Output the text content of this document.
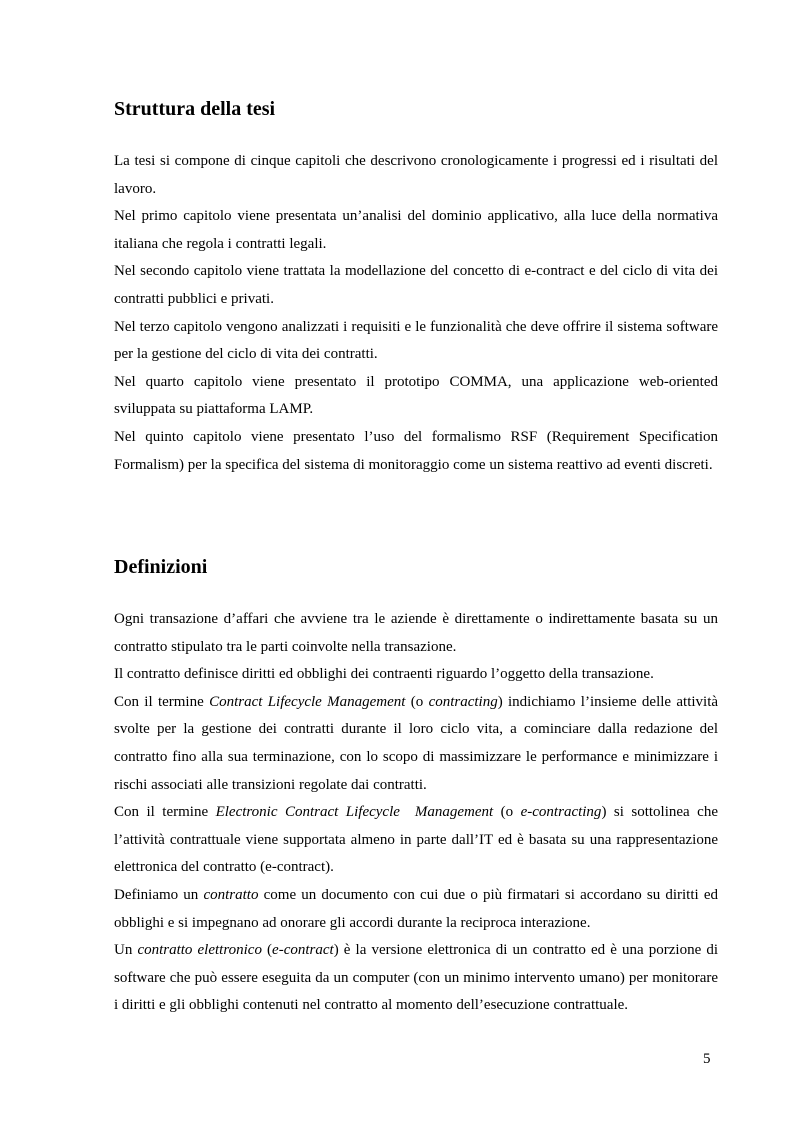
Struttura della tesi

La tesi si compone di cinque capitoli che descrivono cronologicamente i progressi ed i risultati del lavoro.

Nel primo capitolo viene presentata un’analisi del dominio applicativo, alla luce della normativa italiana che regola i contratti legali.

Nel secondo capitolo viene trattata la modellazione del concetto di e-contract e del ciclo di vita dei contratti pubblici e privati.

Nel terzo capitolo vengono analizzati i requisiti e le funzionalità che deve offrire il sistema software per la gestione del ciclo di vita dei contratti.

Nel quarto capitolo viene presentato il prototipo COMMA, una applicazione web-oriented sviluppata su piattaforma LAMP.

Nel quinto capitolo viene presentato l’uso del formalismo RSF (Requirement Specification Formalism) per la specifica del sistema di monitoraggio come un sistema reattivo ad eventi discreti.

Definizioni

Ogni transazione d’affari che avviene tra le aziende è direttamente o indirettamente basata su un contratto stipulato tra le parti coinvolte nella transazione.

Il contratto definisce diritti ed obblighi dei contraenti riguardo l’oggetto della transazione.

Con il termine Contract Lifecycle Management (o contracting) indichiamo l’insieme delle attività svolte per la gestione dei contratti durante il loro ciclo vita, a cominciare dalla redazione del contratto fino alla sua terminazione, con lo scopo di massimizzare le performance e minimizzare i rischi associati alle transizioni regolate dai contratti.

Con il termine Electronic Contract Lifecycle  Management (o e-contracting) si sottolinea che l’attività contrattuale viene supportata almeno in parte dall’IT ed è basata su una rappresentazione elettronica del contratto (e-contract).

Definiamo un contratto come un documento con cui due o più firmatari si accordano su diritti ed obblighi e si impegnano ad onorare gli accordi durante la reciproca interazione.

Un contratto elettronico (e-contract) è la versione elettronica di un contratto ed è una porzione di software che può essere eseguita da un computer (con un minimo intervento umano) per monitorare i diritti e gli obblighi contenuti nel contratto al momento dell’esecuzione contrattuale.

5
